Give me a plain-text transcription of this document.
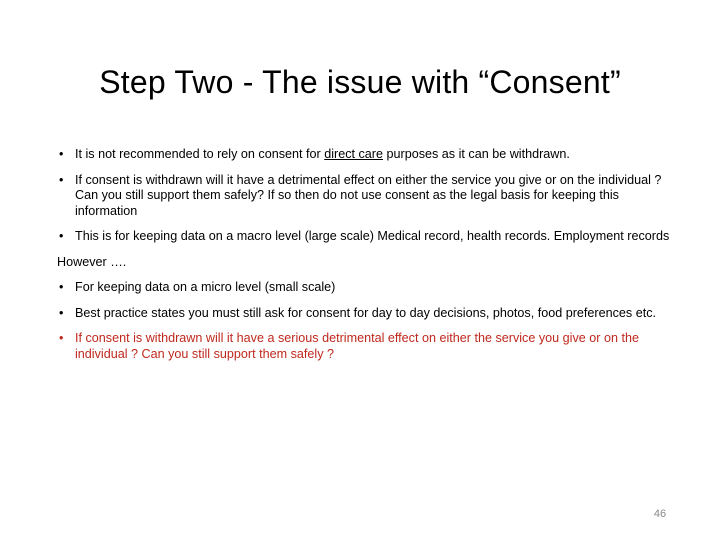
Step Two - The issue with “Consent”
• It is not recommended to rely on consent for direct care purposes as it can be withdrawn.
• If consent is withdrawn will it have a detrimental effect on either the service you give or on the individual ? Can you still support them safely? If so then do not use consent as the legal basis for keeping this information
• This is for keeping data on a macro level (large scale) Medical record, health records. Employment records
However ….
• For keeping data on a micro level (small scale)
• Best practice states you must still ask for consent for day to day decisions, photos, food preferences etc.
• If consent is withdrawn will it have a serious detrimental effect on either the service you give or on the individual ? Can you still support them safely ?
46
